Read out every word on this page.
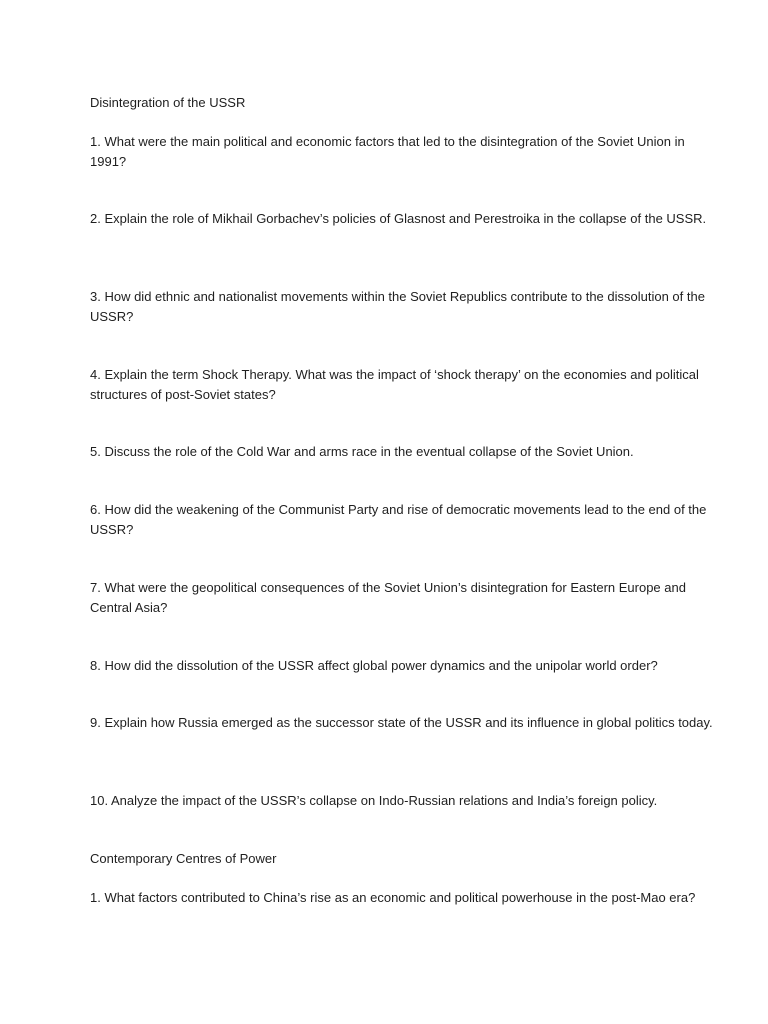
Disintegration of the USSR

1. What were the main political and economic factors that led to the disintegration of the Soviet Union in 1991?

2. Explain the role of Mikhail Gorbachev’s policies of Glasnost and Perestroika in the collapse of the USSR.

3. How did ethnic and nationalist movements within the Soviet Republics contribute to the dissolution of the USSR?

4. Explain the term Shock Therapy. What was the impact of ‘shock therapy’ on the economies and political structures of post-Soviet states?

5. Discuss the role of the Cold War and arms race in the eventual collapse of the Soviet Union.

6. How did the weakening of the Communist Party and rise of democratic movements lead to the end of the USSR?

7. What were the geopolitical consequences of the Soviet Union’s disintegration for Eastern Europe and Central Asia?

8. How did the dissolution of the USSR affect global power dynamics and the unipolar world order?

9. Explain how Russia emerged as the successor state of the USSR and its influence in global politics today.

10. Analyze the impact of the USSR’s collapse on Indo-Russian relations and India’s foreign policy.

Contemporary Centres of Power

1. What factors contributed to China’s rise as an economic and political powerhouse in the post-Mao era?
